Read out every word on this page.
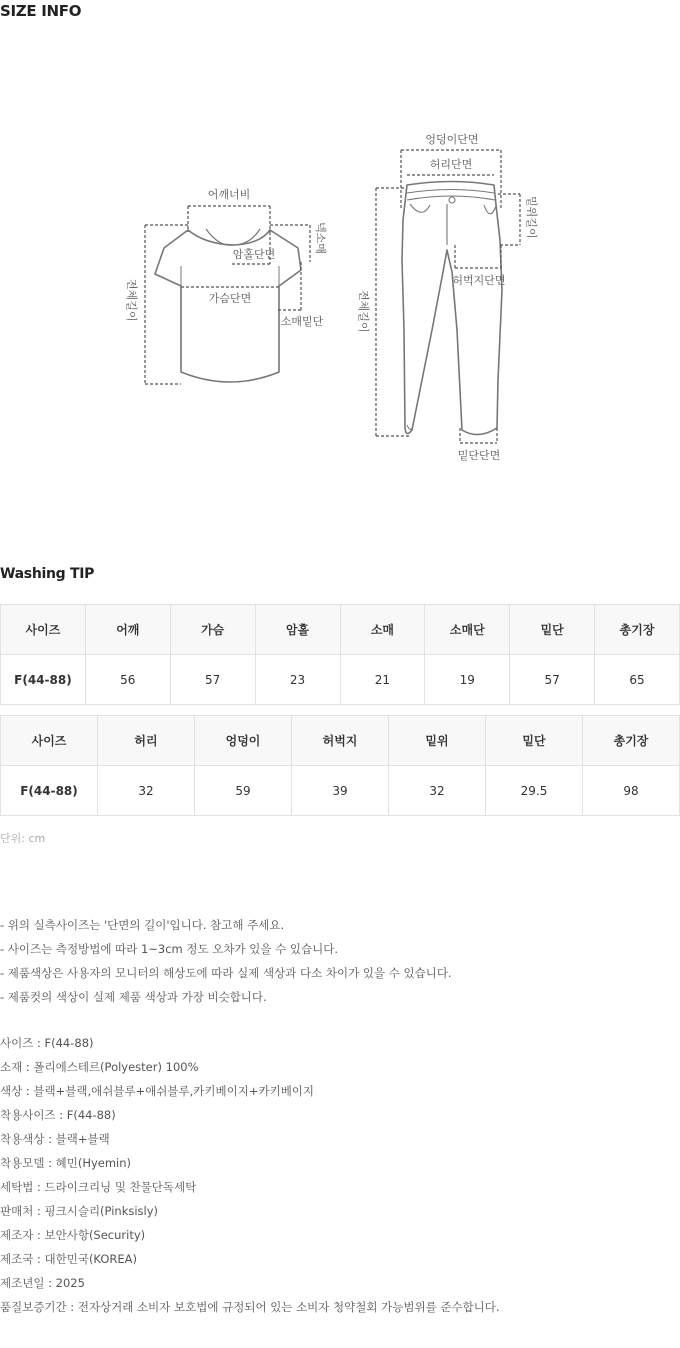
SIZE INFO
어깨너비
암홀단면
가슴단면
소매밑단
전체길이
넥소매
엉덩이단면
허리단면
허벅지단면
밑단단면
전체길이
밑위길이
Washing TIP
사이즈	어깨	가슴	암홀	소매	소매단	밑단	총기장
F(44-88)	56	57	23	21	19	57	65
사이즈	허리	엉덩이	허벅지	밑위	밑단	총기장
F(44-88)	32	59	39	32	29.5	98
단위: cm
- 위의 실측사이즈는 '단면의 길이'입니다. 참고해 주세요.
- 사이즈는 측정방법에 따라 1~3cm 정도 오차가 있을 수 있습니다.
- 제품색상은 사용자의 모니터의 해상도에 따라 실제 색상과 다소 차이가 있을 수 있습니다.
- 제품컷의 색상이 실제 제품 색상과 가장 비슷합니다.
사이즈 : F(44-88)
소재 : 폴리에스테르(Polyester) 100%
색상 : 블랙+블랙,애쉬블루+애쉬블루,카키베이지+카키베이지
착용사이즈 : F(44-88)
착용색상 : 블랙+블랙
착용모델 : 혜민(Hyemin)
세탁법 : 드라이크리닝 및 찬물단독세탁
판매처 : 핑크시슬리(Pinksisly)
제조자 : 보안사항(Security)
제조국 : 대한민국(KOREA)
제조년일 : 2025
품질보증기간 : 전자상거래 소비자 보호법에 규정되어 있는 소비자 청약철회 가능범위를 준수합니다.
